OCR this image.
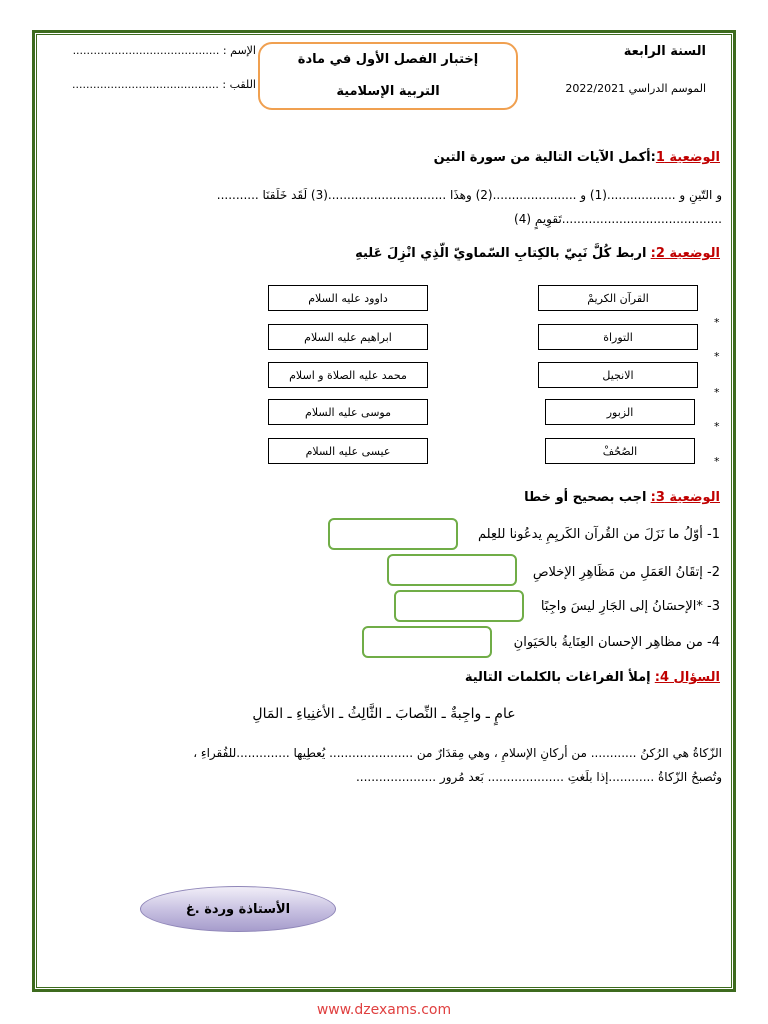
الإسم : ..........................................
اللقب : ..........................................
إختبار الفصل الأول في مادة
التربية الإسلامية
السنة الرابعة
الموسم الدراسي 2022/2021
الوضعية 1:أكمل الآيات التالية من سورة التين
و التّينِ و ..................(1) و ......................(2) وهذَا ...............................(3) لَقَد خَلَقنَا ...........
..........................................تَقوِيمٍ (4)
الوضعية 2: اربط كُلَّ نَبِيّ بالكِتابِ السّماويّ الّذِي انْزِلَ عَليهِ
القرآن الكريمْ
التوراة
الانجيل
الزبور
الصُحُفْ
داوود عليه السلام
ابراهيم عليه السلام
محمد عليه الصلاة و اسلام
موسى عليه السلام
عيسى عليه السلام
*
*
*
*
*
الوضعية 3: اجب بصحيح أو خطا
1- أوّلُ ما نَزَلَ من القُرآن الكَريِمِ يدعُونا للعِلم
2- إتقَانُ العَمَلِ من مَظَاهِرِ الإخلاصِ
3- *الإحسَانُ إلى الجَارِ ليسَ واجِبًا
4- من مظاهِر الإحسان العِنَايةُ بالحَيَوانِ
السؤال 4: إملأ الفراغات بالكلمات التالية
عامٍ ـ واجِبةٌ ـ النِّصابَ ـ الثَّالِثُ ـ الأغنِياءِ ـ المَالِ
الزّكاةُ هي الرُكنُ ............ من أركانِ الإسلامِ ، وهي مِقدَارٌ من ...................... يُعطِيها ..............للفُقراءِ ،
وتُصبحُ الزّكاةُ ............إذا بلَغتِ .................... بَعد مُرور .....................
الأستاذة وردة .غ
www.dzexams.com
